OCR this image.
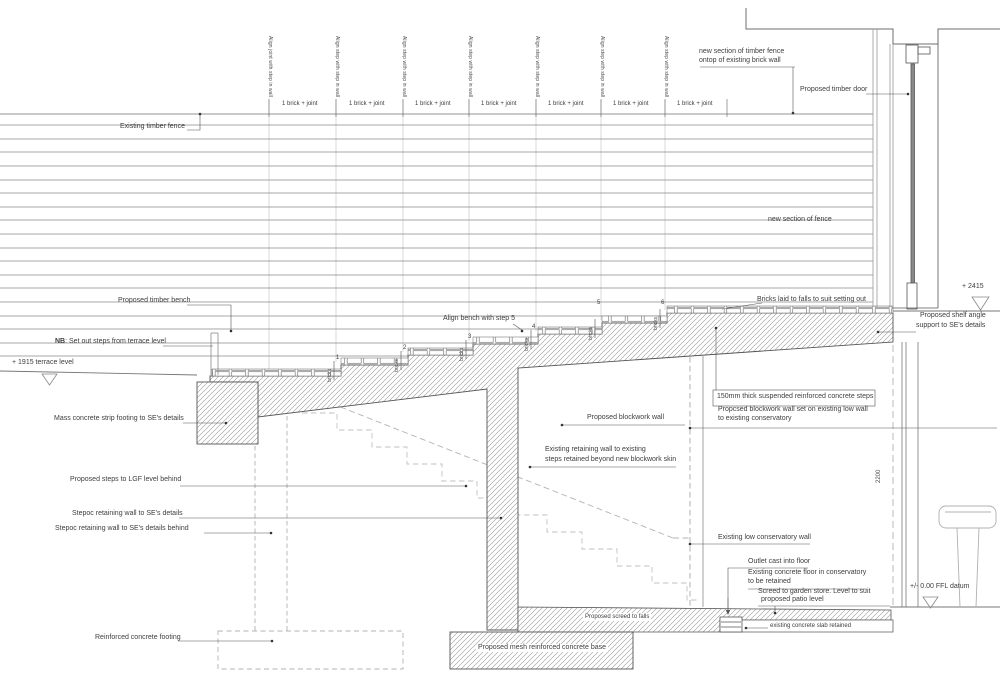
Align joint with step in wall	Align step with step in wall	Align step with step in wall	Align step with step in wall	Align step with step in wall	Align step with step in wall	Align step with step in wall
1 brick + joint	1 brick + joint	1 brick + joint	1 brick + joint	1 brick + joint	1 brick + joint	1 brick + joint
1
2
3
4
5	6
bricks
bricks
bricks
bricks
bricks
bricks
Existing timber fence
new section of timber fence
ontop of existing brick wall
Proposed timber door
new section of fence
Proposed timber bench
NB: Set out steps from terrace level
+ 1915 terrace level
Mass concrete strip footing to SE's details
Align bench with step 5
Bricks laid to falls to suit setting out
+ 2415
Proposed shelf angle
support to SE's details
150mm thick suspended reinforced concrete steps
Proposed blockwork wall
Propcsed blockwork wall set on existing low wall
to existing conservatory
Existing retaining wall to existing
steps retained beyond new blockwork skin
Proposed steps to LGF level behind
Stepoc retaining wall to SE's details
Stepoc retaining wall to SE's details behind
2200
Existing low conservatory wall
Outlet cast into floor
Existing concrete floor in conservatory
to be retained
Screed to garden store. Level to suit
proposed patio level
+/- 0.00 FFL datum
existing concrete slab retained
Proposed screed to falls
Proposed mesh reinforced concrete base
Reinforced concrete footing
